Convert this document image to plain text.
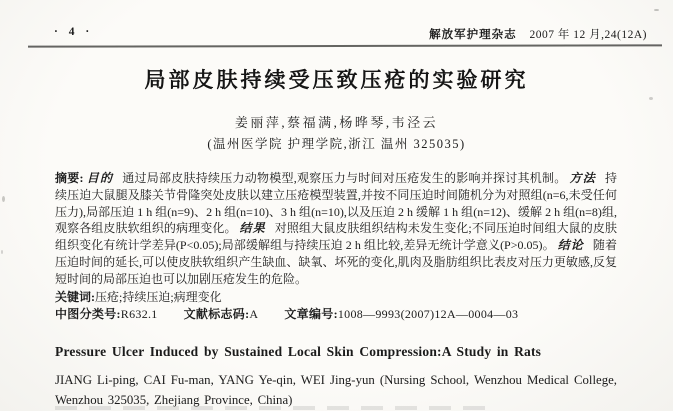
· 4 ·	解放军护理杂志 2007 年 12 月,24(12A)
局部皮肤持续受压致压疮的实验研究
姜丽萍,蔡福满,杨晔琴,韦泾云
(温州医学院 护理学院,浙江 温州 325035)

摘要: 目的 通过局部皮肤持续压力动物模型,观察压力与时间对压疮发生的影响并探讨其机制。 方法 持续压迫大鼠腿及膝关节骨隆突处皮肤以建立压疮模型装置,并按不同压迫时间随机分为对照组(n=6,未受任何压力),局部压迫 1 h 组(n=9)、2 h 组(n=10)、3 h 组(n=10),以及压迫 2 h 缓解 1 h 组(n=12)、缓解 2 h 组(n=8)组,观察各组皮肤软组织的病理变化。 结果 对照组大鼠皮肤组织结构未发生变化;不同压迫时间组大鼠的皮肤组织变化有统计学差异(P<0.05);局部缓解组与持续压迫 2 h 组比较,差异无统计学意义(P>0.05)。 结论 随着压迫时间的延长,可以使皮肤软组织产生缺血、缺氧、坏死的变化,肌肉及脂肪组织比表皮对压力更敏感,反复短时间的局部压迫也可以加剧压疮发生的危险。

关键词:压疮;持续压迫;病理变化

中图分类号:R632.1 文献标志码:A 文章编号:1008—9993(2007)12A—0004—03

Pressure Ulcer Induced by Sustained Local Skin Compression:A Study in Rats
JIANG Li-ping, CAI Fu-man, YANG Ye-qin, WEI Jing-yun (Nursing School, Wenzhou Medical College, Wenzhou 325035, Zhejiang Province, China)
